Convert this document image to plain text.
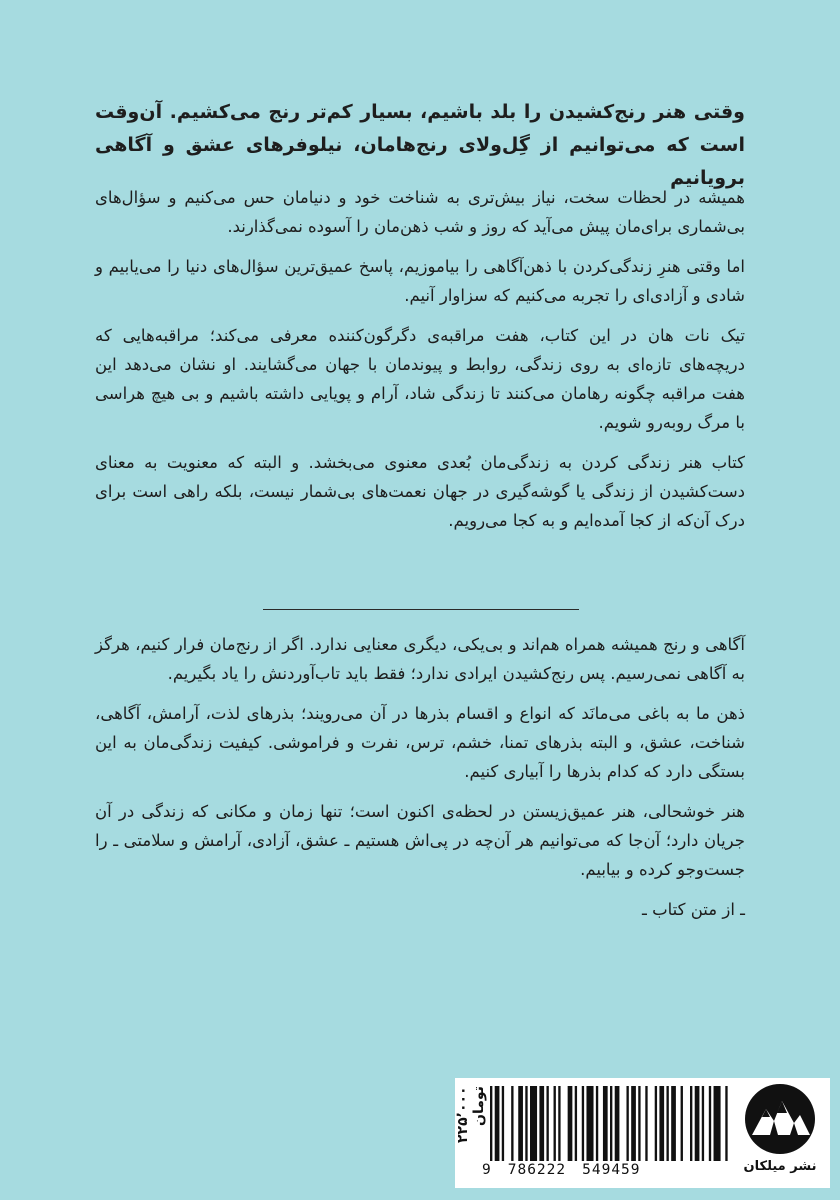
وقتی هنر رنج‌کشیدن را بلد باشیم، بسیار کم‌تر رنج می‌کشیم. آن‌وقت است که می‌توانیم از گِل‌ولای رنج‌هامان، نیلوفرهای عشق و آگاهی برویانیم

همیشه در لحظات سخت، نیاز بیش‌تری به شناخت خود و دنیامان حس می‌کنیم و سؤال‌های بی‌شماری برای‌مان پیش می‌آید که روز و شب ذهن‌مان را آسوده نمی‌گذارند.

اما وقتی هنرِ زندگی‌کردن با ذهن‌آگاهی را بیاموزیم، پاسخ عمیق‌ترین سؤال‌های دنیا را می‌یابیم و شادی و آزادی‌ای را تجربه می‌کنیم که سزاوار آنیم.

تیک نات هان در این کتاب، هفت مراقبه‌ی دگرگون‌کننده معرفی می‌کند؛ مراقبه‌هایی که دریچه‌های تازه‌ای به روی زندگی، روابط و پیوندمان با جهان می‌گشایند. او نشان می‌دهد این هفت مراقبه چگونه رهامان می‌کنند تا زندگی شاد، آرام و پویایی داشته باشیم و بی هیچ هراسی با مرگ روبه‌رو شویم.

کتاب هنر زندگی کردن به زندگی‌مان بُعدی معنوی می‌بخشد. و البته که معنویت به معنای دست‌کشیدن از زندگی یا گوشه‌گیری در جهان نعمت‌های بی‌شمار نیست، بلکه راهی است برای درک آن‌که از کجا آمده‌ایم و به کجا می‌رویم.

آگاهی و رنج همیشه همراه هم‌اند و بی‌یکی، دیگری معنایی ندارد. اگر از رنج‌مان فرار کنیم، هرگز به آگاهی نمی‌رسیم. پس رنج‌کشیدن ایرادی ندارد؛ فقط باید تاب‌آوردنش را یاد بگیریم.

ذهن ما به باغی می‌مانَد که انواع و اقسام بذرها در آن می‌رویند؛ بذرهای لذت، آرامش، آگاهی، شناخت، عشق، و البته بذرهای تمنا، خشم، ترس، نفرت و فراموشی. کیفیت زندگی‌مان به این بستگی دارد که کدام بذرها را آبیاری کنیم.

هنر خوشحالی، هنر عمیق‌زیستن در لحظه‌ی اکنون است؛ تنها زمان و مکانی که زندگی در آن جریان دارد؛ آن‌جا که می‌توانیم هر آن‌چه در پی‌اش هستیم ـ عشق، آزادی، آرامش و سلامتی ـ را جست‌وجو کرده و بیابیم.

ـ از متن کتاب ـ
۲۲۵٬۰۰۰ تومان
9 786222 549459	نشر میلکان
